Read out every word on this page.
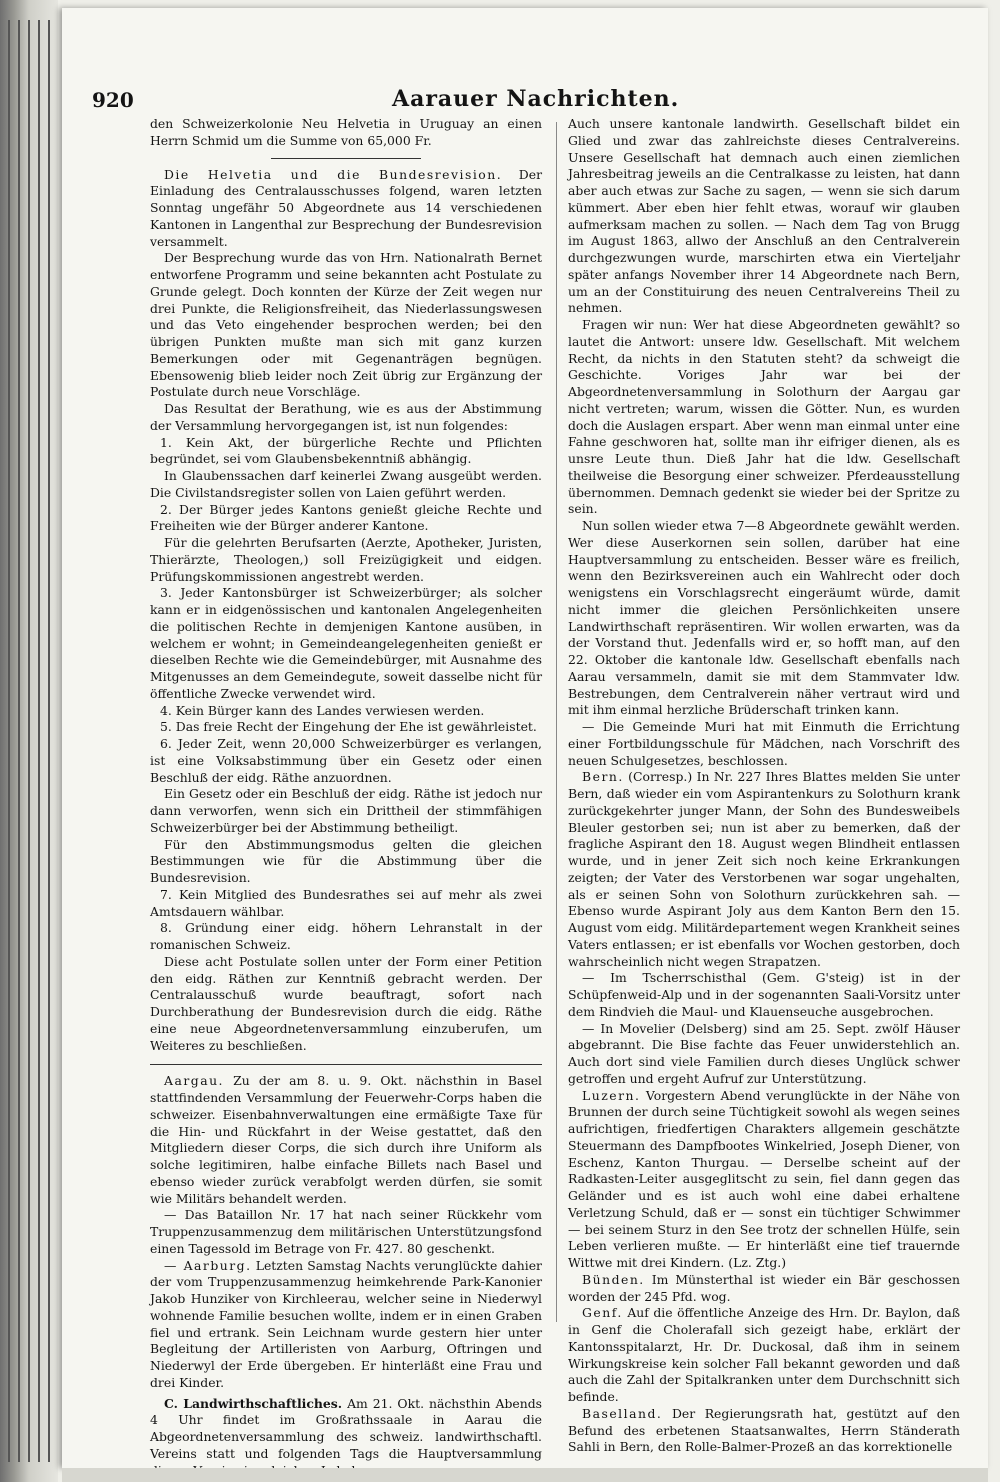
920	Aarauer Nachrichten.

den Schweizerkolonie Neu Helvetia in Uruguay an einen Herrn Schmid um die Summe von 65,000 Fr.

Die Helvetia und die Bundesrevision. Der Einladung des Centralausschusses folgend, waren letzten Sonntag ungefähr 50 Abgeordnete aus 14 verschiedenen Kantonen in Langenthal zur Besprechung der Bundesrevision versammelt.

Der Besprechung wurde das von Hrn. Nationalrath Bernet entworfene Programm und seine bekannten acht Postulate zu Grunde gelegt. Doch konnten der Kürze der Zeit wegen nur drei Punkte, die Religionsfreiheit, das Niederlassungswesen und das Veto eingehender besprochen werden; bei den übrigen Punkten mußte man sich mit ganz kurzen Bemerkungen oder mit Gegenanträgen begnügen. Ebensowenig blieb leider noch Zeit übrig zur Ergänzung der Postulate durch neue Vorschläge.

Das Resultat der Berathung, wie es aus der Abstimmung der Versammlung hervorgegangen ist, ist nun folgendes:

1. Kein Akt, der bürgerliche Rechte und Pflichten begründet, sei vom Glaubensbekenntniß abhängig.

In Glaubenssachen darf keinerlei Zwang ausgeübt werden. Die Civilstandsregister sollen von Laien geführt werden.

2. Der Bürger jedes Kantons genießt gleiche Rechte und Freiheiten wie der Bürger anderer Kantone.

Für die gelehrten Berufsarten (Aerzte, Apotheker, Juristen, Thierärzte, Theologen,) soll Freizügigkeit und eidgen. Prüfungskommissionen angestrebt werden.

3. Jeder Kantonsbürger ist Schweizerbürger; als solcher kann er in eidgenössischen und kantonalen Angelegenheiten die politischen Rechte in demjenigen Kantone ausüben, in welchem er wohnt; in Gemeindeangelegenheiten genießt er dieselben Rechte wie die Gemeindebürger, mit Ausnahme des Mitgenusses an dem Gemeindegute, soweit dasselbe nicht für öffentliche Zwecke verwendet wird.

4. Kein Bürger kann des Landes verwiesen werden.

5. Das freie Recht der Eingehung der Ehe ist gewährleistet.

6. Jeder Zeit, wenn 20,000 Schweizerbürger es verlangen, ist eine Volksabstimmung über ein Gesetz oder einen Beschluß der eidg. Räthe anzuordnen.

Ein Gesetz oder ein Beschluß der eidg. Räthe ist jedoch nur dann verworfen, wenn sich ein Drittheil der stimmfähigen Schweizerbürger bei der Abstimmung betheiligt.

Für den Abstimmungsmodus gelten die gleichen Bestimmungen wie für die Abstimmung über die Bundesrevision.

7. Kein Mitglied des Bundesrathes sei auf mehr als zwei Amtsdauern wählbar.

8. Gründung einer eidg. höhern Lehranstalt in der romanischen Schweiz.

Diese acht Postulate sollen unter der Form einer Petition den eidg. Räthen zur Kenntniß gebracht werden. Der Centralausschuß wurde beauftragt, sofort nach Durchberathung der Bundesrevision durch die eidg. Räthe eine neue Abgeordnetenversammlung einzuberufen, um Weiteres zu beschließen.

Aargau. Zu der am 8. u. 9. Okt. nächsthin in Basel stattfindenden Versammlung der Feuerwehr-Corps haben die schweizer. Eisenbahnverwaltungen eine ermäßigte Taxe für die Hin- und Rückfahrt in der Weise gestattet, daß den Mitgliedern dieser Corps, die sich durch ihre Uniform als solche legitimiren, halbe einfache Billets nach Basel und ebenso wieder zurück verabfolgt werden dürfen, sie somit wie Militärs behandelt werden.

— Das Bataillon Nr. 17 hat nach seiner Rückkehr vom Truppenzusammenzug dem militärischen Unterstützungsfond einen Tagessold im Betrage von Fr. 427. 80 geschenkt.

— Aarburg. Letzten Samstag Nachts verunglückte dahier der vom Truppenzusammenzug heimkehrende Park-Kanonier Jakob Hunziker von Kirchleerau, welcher seine in Niederwyl wohnende Familie besuchen wollte, indem er in einen Graben fiel und ertrank. Sein Leichnam wurde gestern hier unter Begleitung der Artilleristen von Aarburg, Oftringen und Niederwyl der Erde übergeben. Er hinterläßt eine Frau und drei Kinder.

C. Landwirthschaftliches. Am 21. Okt. nächsthin Abends 4 Uhr findet im Großrathssaale in Aarau die Abgeordnetenversammlung des schweiz. landwirthschaftl. Vereins statt und folgenden Tags die Hauptversammlung

Auch unsere kantonale landwirth. Gesellschaft bildet ein Glied und zwar das zahlreichste dieses Centralvereins. Unsere Gesellschaft hat demnach auch einen ziemlichen Jahresbeitrag jeweils an die Centralkasse zu leisten, hat dann aber auch etwas zur Sache zu sagen, — wenn sie sich darum kümmert. Aber eben hier fehlt etwas, worauf wir glauben aufmerksam machen zu sollen. — Nach dem Tag von Brugg im August 1863, allwo der Anschluß an den Centralverein durchgezwungen wurde, marschirten etwa ein Vierteljahr später anfangs November ihrer 14 Abgeordnete nach Bern, um an der Constituirung des neuen Centralvereins Theil zu nehmen.

Fragen wir nun: Wer hat diese Abgeordneten gewählt? so lautet die Antwort: unsere ldw. Gesellschaft. Mit welchem Recht, da nichts in den Statuten steht? da schweigt die Geschichte. Voriges Jahr war bei der Abgeordnetenversammlung in Solothurn der Aargau gar nicht vertreten; warum, wissen die Götter. Nun, es wurden doch die Auslagen erspart. Aber wenn man einmal unter eine Fahne geschworen hat, sollte man ihr eifriger dienen, als es unsre Leute thun. Dieß Jahr hat die ldw. Gesellschaft theilweise die Besorgung einer schweizer. Pferdeausstellung übernommen. Demnach gedenkt sie wieder bei der Spritze zu sein.

Nun sollen wieder etwa 7—8 Abgeordnete gewählt werden. Wer diese Auserkornen sein sollen, darüber hat eine Hauptversammlung zu entscheiden. Besser wäre es freilich, wenn den Bezirksvereinen auch ein Wahlrecht oder doch wenigstens ein Vorschlagsrecht eingeräumt würde, damit nicht immer die gleichen Persönlichkeiten unsere Landwirthschaft repräsentiren. Wir wollen erwarten, was da der Vorstand thut. Jedenfalls wird er, so hofft man, auf den 22. Oktober die kantonale ldw. Gesellschaft ebenfalls nach Aarau versammeln, damit sie mit dem Stammvater ldw. Bestrebungen, dem Centralverein näher vertraut wird und mit ihm einmal herzliche Brüderschaft trinken kann.

— Die Gemeinde Muri hat mit Einmuth die Errichtung einer Fortbildungsschule für Mädchen, nach Vorschrift des neuen Schulgesetzes, beschlossen.

Bern. (Corresp.) In Nr. 227 Ihres Blattes melden Sie unter Bern, daß wieder ein vom Aspirantenkurs zu Solothurn krank zurückgekehrter junger Mann, der Sohn des Bundesweibels Bleuler gestorben sei; nun ist aber zu bemerken, daß der fragliche Aspirant den 18. August wegen Blindheit entlassen wurde, und in jener Zeit sich noch keine Erkrankungen zeigten; der Vater des Verstorbenen war sogar ungehalten, als er seinen Sohn von Solothurn zurückkehren sah. — Ebenso wurde Aspirant Joly aus dem Kanton Bern den 15. August vom eidg. Militärdepartement wegen Krankheit seines Vaters entlassen; er ist ebenfalls vor Wochen gestorben, doch wahrscheinlich nicht wegen Strapatzen.

— Im Tscherrschisthal (Gem. G'steig) ist in der Schüpfenweid-Alp und in der sogenannten Saali-Vorsitz unter dem Rindvieh die Maul- und Klauenseuche ausgebrochen.

— In Movelier (Delsberg) sind am 25. Sept. zwölf Häuser abgebrannt. Die Bise fachte das Feuer unwiderstehlich an. Auch dort sind viele Familien durch dieses Unglück schwer getroffen und ergeht Aufruf zur Unterstützung.

Luzern. Vorgestern Abend verunglückte in der Nähe von Brunnen der durch seine Tüchtigkeit sowohl als wegen seines aufrichtigen, friedfertigen Charakters allgemein geschätzte Steuermann des Dampfbootes Winkelried, Joseph Diener, von Eschenz, Kanton Thurgau. — Derselbe scheint auf der Radkasten-Leiter ausgeglitscht zu sein, fiel dann gegen das Geländer und es ist auch wohl eine dabei erhaltene Verletzung Schuld, daß er — sonst ein tüchtiger Schwimmer — bei seinem Sturz in den See trotz der schnellen Hülfe, sein Leben verlieren mußte. — Er hinterläßt eine tief trauernde Wittwe mit drei Kindern. (Lz. Ztg.)

Bünden. Im Münsterthal ist wieder ein Bär geschossen worden der 245 Pfd. wog.

Genf. Auf die öffentliche Anzeige des Hrn. Dr. Baylon, daß in Genf die Cholerafall sich gezeigt habe, erklärt der Kantonsspitalarzt, Hr. Dr. Duckosal, daß ihm in seinem Wirkungskreise kein solcher Fall bekannt geworden und daß auch die Zahl der Spitalkranken unter dem Durchschnitt sich befinde.

Baselland. Der Regierungsrath hat, gestützt auf den Befund des erbetenen Staatsanwaltes, Herrn Ständerath Sahli in Bern, den Rolle-Balmer-Prozeß an das korrektionelle
